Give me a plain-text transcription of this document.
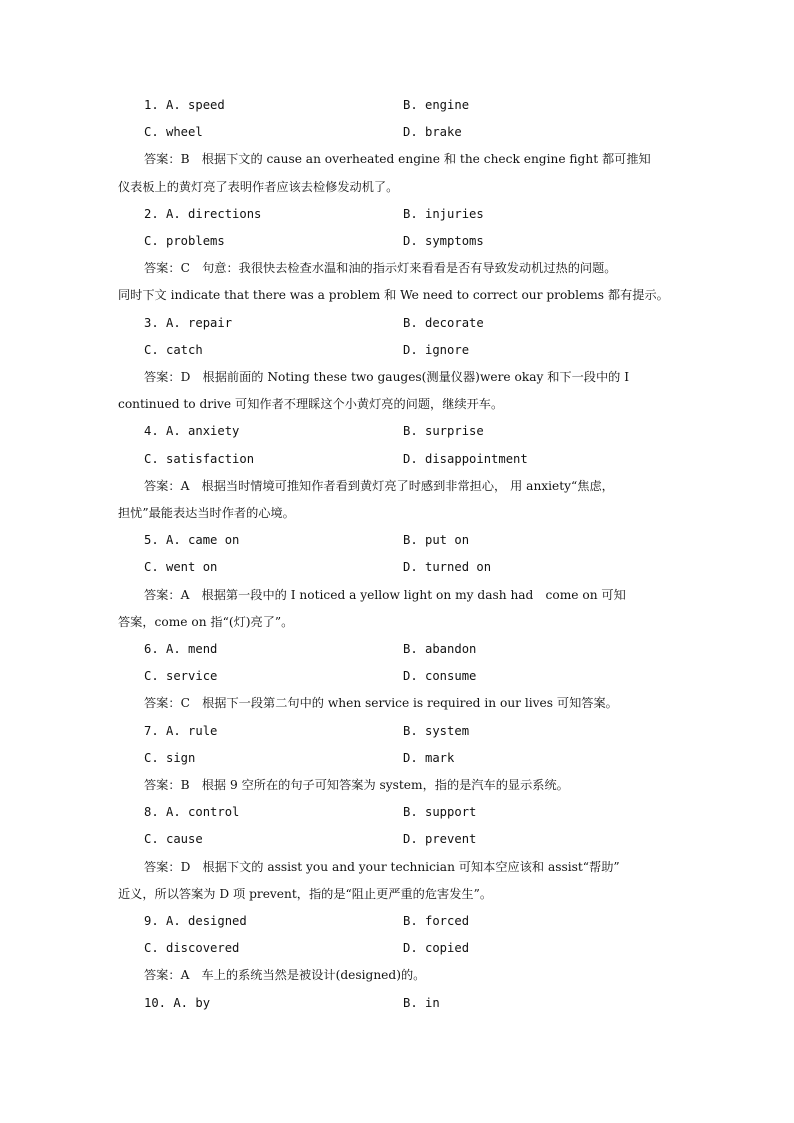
1. A. speed	B. engine
C. wheel	D. brake
答案：B　根据下文的 cause an overheated engine 和 the check engine fight 都可推知
仪表板上的黄灯亮了表明作者应该去检修发动机了。
2. A. directions	B. injuries
C. problems	D. symptoms
答案：C　句意：我很快去检查水温和油的指示灯来看看是否有导致发动机过热的问题。
同时下文 indicate that there was a problem 和 We need to correct our problems 都有提示。
3. A. repair	B. decorate
C. catch	D. ignore
答案：D　根据前面的 Noting these two gauges(测量仪器)were okay 和下一段中的 I
continued to drive 可知作者不理睬这个小黄灯亮的问题，继续开车。
4. A. anxiety	B. surprise
C. satisfaction	D. disappointment
答案：A　根据当时情境可推知作者看到黄灯亮了时感到非常担心， 用 anxiety“焦虑，
担忧”最能表达当时作者的心境。
5. A. came on	B. put on
C. went on	D. turned on
答案：A　根据第一段中的 I noticed a yellow light on my dash had　come on 可知
答案，come on 指“(灯)亮了”。
6. A. mend	B. abandon
C. service	D. consume
答案：C　根据下一段第二句中的 when service is required in our lives 可知答案。
7. A. rule	B. system
C. sign	D. mark
答案：B　根据 9 空所在的句子可知答案为 system，指的是汽车的显示系统。
8. A. control	B. support
C. cause	D. prevent
答案：D　根据下文的 assist you and your technician 可知本空应该和 assist“帮助”
近义，所以答案为 D 项 prevent，指的是“阻止更严重的危害发生”。
9. A. designed	B. forced
C. discovered	D. copied
答案：A　车上的系统当然是被设计(designed)的。
10. A. by	B. in
